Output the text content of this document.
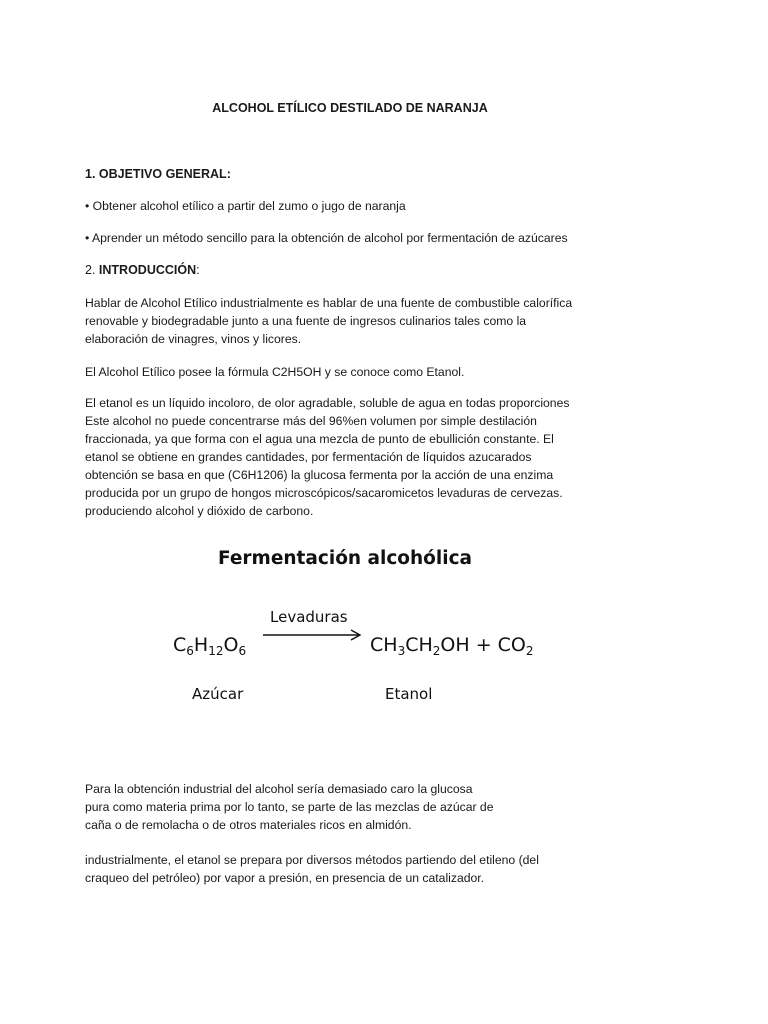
ALCOHOL ETÍLICO DESTILADO DE NARANJA
1. OBJETIVO GENERAL:
• Obtener alcohol etílico a partir del zumo o jugo de naranja
• Aprender un método sencillo para la obtención de alcohol por fermentación de azúcares
2. INTRODUCCIÓN:
Hablar de Alcohol Etílico industrialmente es hablar de una fuente de combustible calorífica
renovable y biodegradable junto a una fuente de ingresos culinarios tales como la
elaboración de vinagres, vinos y licores.
El Alcohol Etílico posee la fórmula C2H5OH y se conoce como Etanol.
El etanol es un líquido incoloro, de olor agradable, soluble de agua en todas proporciones
Este alcohol no puede concentrarse más del 96%en volumen por simple destilación
fraccionada, ya que forma con el agua una mezcla de punto de ebullición constante. El
etanol se obtiene en grandes cantidades, por fermentación de líquidos azucarados
obtención se basa en que (C6H1206) la glucosa fermenta por la acción de una enzima
producida por un grupo de hongos microscópicos/sacaromicetos levaduras de cervezas.
produciendo alcohol y dióxido de carbono.
Fermentación alcohólica
Levaduras
$C_6H_{12}O_6$	$CH_3CH_2OH + CO_2$
Azúcar	Etanol
Para la obtención industrial del alcohol sería demasiado caro la glucosa
pura como materia prima por lo tanto, se parte de las mezclas de azúcar de
caña o de remolacha o de otros materiales ricos en almidón.
industrialmente, el etanol se prepara por diversos métodos partiendo del etileno (del
craqueo del petróleo) por vapor a presión, en presencia de un catalizador.
